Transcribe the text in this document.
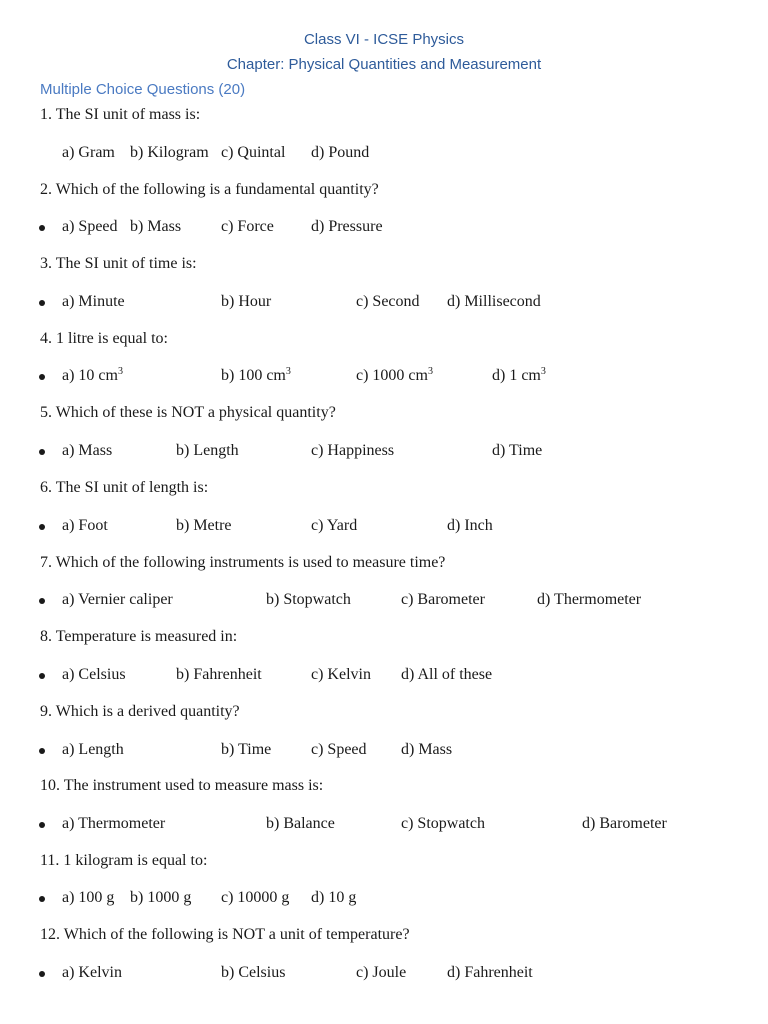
Class VI - ICSE Physics
Chapter: Physical Quantities and Measurement
Multiple Choice Questions (20)
1. The SI unit of mass is:
a) Gram b) Kilogram c) Quintal d) Pound
2. Which of the following is a fundamental quantity?
a) Speed b) Mass c) Force d) Pressure
3. The SI unit of time is:
a) Minute	b) Hour	c) Second d) Millisecond
4. 1 litre is equal to:
a) 10 $cm^3$	b) 100 $cm^3$	c) 1000 $cm^3$	d) 1 $cm^3$
5. Which of these is NOT a physical quantity?
a) Mass	b) Length	c) Happiness	d) Time
6. The SI unit of length is:
a) Foot	b) Metre	c) Yard	d) Inch
7. Which of the following instruments is used to measure time?
a) Vernier caliper	b) Stopwatch	c) Barometer	d) Thermometer
8. Temperature is measured in:
a) Celsius	b) Fahrenheit	c) Kelvin d) All of these
9. Which is a derived quantity?
a) Length	b) Time c) Speed d) Mass
10. The instrument used to measure mass is:
a) Thermometer	b) Balance	c) Stopwatch	d) Barometer
11. 1 kilogram is equal to:
a) 100 g b) 1000 g c) 10000 g d) 10 g
12. Which of the following is NOT a unit of temperature?
a) Kelvin	b) Celsius	c) Joule	d) Fahrenheit
